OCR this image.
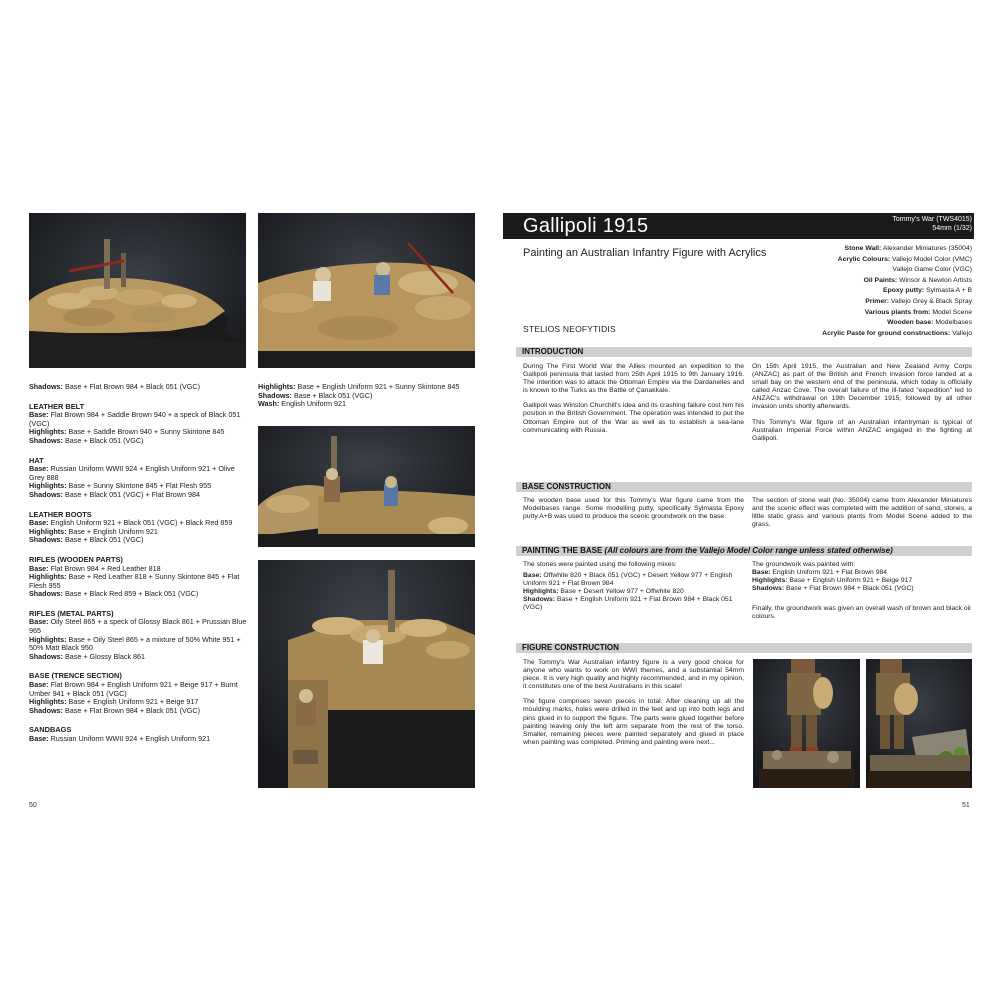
Shadows: Base + Flat Brown 984 + Black 051 (VGC)

LEATHER BELT

Base: Flat Brown 984 + Saddle Brown 940 + a speck of Black 051 (VGC)

Highlights: Base + Saddle Brown 940 + Sunny Skintone 845

Shadows: Base + Black 051 (VGC)

HAT

Base: Russian Uniform WWII 924 + English Uniform 921 + Olive Grey 888

Highlights: Base + Sunny Skintone 845 + Flat Flesh 955

Shadows: Base + Black 051 (VGC) + Flat Brown 984

LEATHER BOOTS

Base: English Uniform 921 + Black 051 (VGC) + Black Red 859

Highlights: Base + English Uniform 921

Shadows: Base + Black 051 (VGC)

RIFLES (WOODEN PARTS)

Base: Flat Brown 984 + Red Leather 818

Highlights: Base + Red Leather 818 + Sunny Skintone 845 + Flat Flesh 955

Shadows: Base + Black Red 859 + Black 051 (VGC)

RIFLES (METAL PARTS)

Base: Oily Steel 865 + a speck of Glossy Black 861 + Prussian Blue 965

Highlights: Base + Oily Steel 865 + a mixture of 50% White 951 + 50% Matt Black 950

Shadows: Base + Glossy Black 861

BASE (TRENCE SECTION)

Base: Flat Brown 984 + English Uniform 921 + Beige 917 + Burnt Umber 941 + Black 051 (VGC)

Highlights: Base + English Uniform 921 + Beige 917

Shadows: Base + Flat Brown 984 + Black 051 (VGC)

SANDBAGS

Base: Russian Uniform WWII 924 + English Uniform 921

Highlights: Base + English Uniform 921 + Sunny Skintone 845

Shadows: Base + Black 051 (VGC)

Wash: English Uniform 921

50
Gallipoli 1915	Tommy's War (TWS4015)
54mm (1/32)
Painting an Australian Infantry Figure with Acrylics	Stone Wall: Alexander Miniatures (35004)
Acrylic Colours: Vallejo Model Color (VMC)
Vallejo Game Color (VGC)
Oil Paints: Winsor & Newton Artists
Epoxy putty: Sylmasta A + B
Primer: Vallejo Grey & Black Spray
Various plants from: Model Scene
Wooden base: Modelbases
Acrylic Paste for ground constructions: Vallejo
STELIOS NEOFYTIDIS
INTRODUCTION

During The First World War the Allies mounted an expedition to the Gallipoli peninsula that lasted from 25th April 1915 to 9th January 1916. The intention was to attack the Ottoman Empire via the Dardanelles and is known to the Turks as the Battle of Çanakkale.

Gallipoli was Winston Churchill's idea and its crashing failure cost him his position in the British Government. The operation was intended to put the Ottoman Empire out of the War as well as to establish a sea-lane communicating with Russia.

On 15th April 1915, the Australian and New Zealand Army Corps (ANZAC) as part of the British and French invasion force landed at a small bay on the western end of the peninsula, which today is officially called Anzac Cove. The overall failure of the ill-fated "expedition" led to ANZAC's withdrawal on 19th December 1915, followed by all other invasion units shortly afterwards.

This Tommy's War figure of an Australian infantryman is typical of Australian Imperial Force within ANZAC engaged in the fighting at Gallipoli.

BASE CONSTRUCTION

The wooden base used for this Tommy's War figure came from the Modelbases range. Some modelling putty, specifically Sylmasta Epoxy putty A+B was used to produce the scenic groundwork on the base.

The section of stone wall (No. 35004) came from Alexander Miniatures and the scenic effect was completed with the addition of sand, stones, a little static grass and various plants from Model Scene added to the grass.

PAINTING THE BASE (All colours are from the Vallejo Model Color range unless stated otherwise)

The stones were painted using the following mixes:

Base: Offwhite 820 + Black 051 (VGC) + Desert Yellow 977 + English Uniform 921 + Flat Brown 984
Highlights: Base + Desert Yellow 977 + Offwhite 820
Shadows: Base + English Uniform 921 + Flat Brown 984 + Black 051 (VGC)

The groundwork was painted with:

Base: English Uniform 921 + Flat Brown 984
Highlights: Base + English Uniform 921 + Beige 917
Shadows: Base + Flat Brown 984 + Black 051 (VGC)

Finally, the groundwork was given an overall wash of brown and black oil colours.

FIGURE CONSTRUCTION

The Tommy's War Australian infantry figure is a very good choice for anyone who wants to work on WWI themes, and a substantial 54mm piece. It is very high quality and highly recommended, and in my opinion, it constitutes one of the best Australians in this scale!

The figure comprises seven pieces in total. After cleaning up all the moulding marks, holes were drilled in the feet and up into both legs and pins glued in to support the figure. The parts were glued together before painting leaving only the left arm separate from the rest of the torso. Smaller, remaining pieces were painted separately and glued in place when painting was completed. Priming and painting were next...

51
